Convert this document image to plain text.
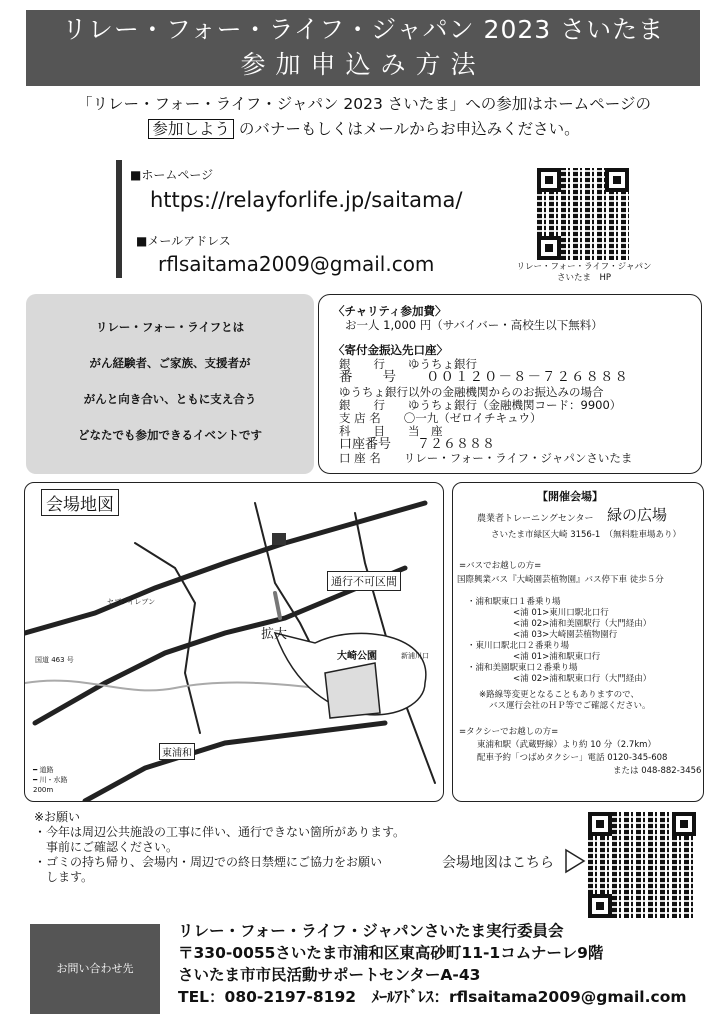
リレー・フォー・ライフ・ジャパン 2023 さいたま
参加申込み方法
「リレー・フォー・ライフ・ジャパン 2023 さいたま」への参加はホームページの
参加しよう のバナーもしくはメールからお申込みください。
■ホームページ
https://relayforlife.jp/saitama/
■メールアドレス
rflsaitama2009@gmail.com	リレー・フォー・ライフ・ジャパン
さいたま　HP
リレー・フォー・ライフとは
がん経験者、ご家族、支援者が
がんと向き合い、ともに支え合う
どなたでも参加できるイベントです
〈チャリティ参加費〉
お一人 1,000 円（サバイバー・高校生以下無料）
〈寄付金振込先口座〉
銀　　行　　ゆうちょ銀行
番　　号　　００１２０－８－７２６８８８
ゆうちょ銀行以外の金融機関からのお振込みの場合
銀　　行　　ゆうちょ銀行（金融機関コード：9900）
支 店 名　　〇一九（ゼロイチキュウ）
科　　目　　当　座
口座番号　　７２６８８８
口 座 名　　リレー・フォー・ライフ・ジャパンさいたま
会場地図
通行不可区間
拡大
大崎公園
セブンイレブン
国道 463 号
東浦和
新浦川口
━ 道路
━ 川・水路
200m
【開催会場】
農業者トレーニングセンター 緑の広場
さいたま市緑区大崎 3156-1　（無料駐車場あり）
=バスでお越しの方=
国際興業バス『大崎園芸植物園』バス停下車 徒歩５分
・浦和駅東口１番乗り場
<浦 01>東川口駅北口行
<浦 02>浦和美園駅行（大門経由）
<浦 03>大崎園芸植物園行
・東川口駅北口２番乗り場
<浦 01>浦和駅東口行
・浦和美園駅東口２番乗り場
<浦 02>浦和駅東口行（大門経由）
※路線等変更となることもありますので、
バス運行会社のＨＰ等でご確認ください。
=タクシーでお越しの方=
東浦和駅（武蔵野線）より約 10 分（2.7km）
配車予約「つばめタクシー」電話 0120-345-608
または 048-882-3456
※お願い
・今年は周辺公共施設の工事に伴い、通行できない箇所があります。
　事前にご確認ください。
・ゴミの持ち帰り、会場内・周辺での終日禁煙にご協力をお願い
　します。
会場地図はこちら
お問い合わせ先
リレー・フォー・ライフ・ジャパンさいたま実行委員会
〒330-0055さいたま市浦和区東高砂町11-1コムナーレ9階
さいたま市市民活動サポートセンターA-43
TEL：080-2197-8192　ﾒｰﾙｱﾄﾞﾚｽ：rflsaitama2009@gmail.com
